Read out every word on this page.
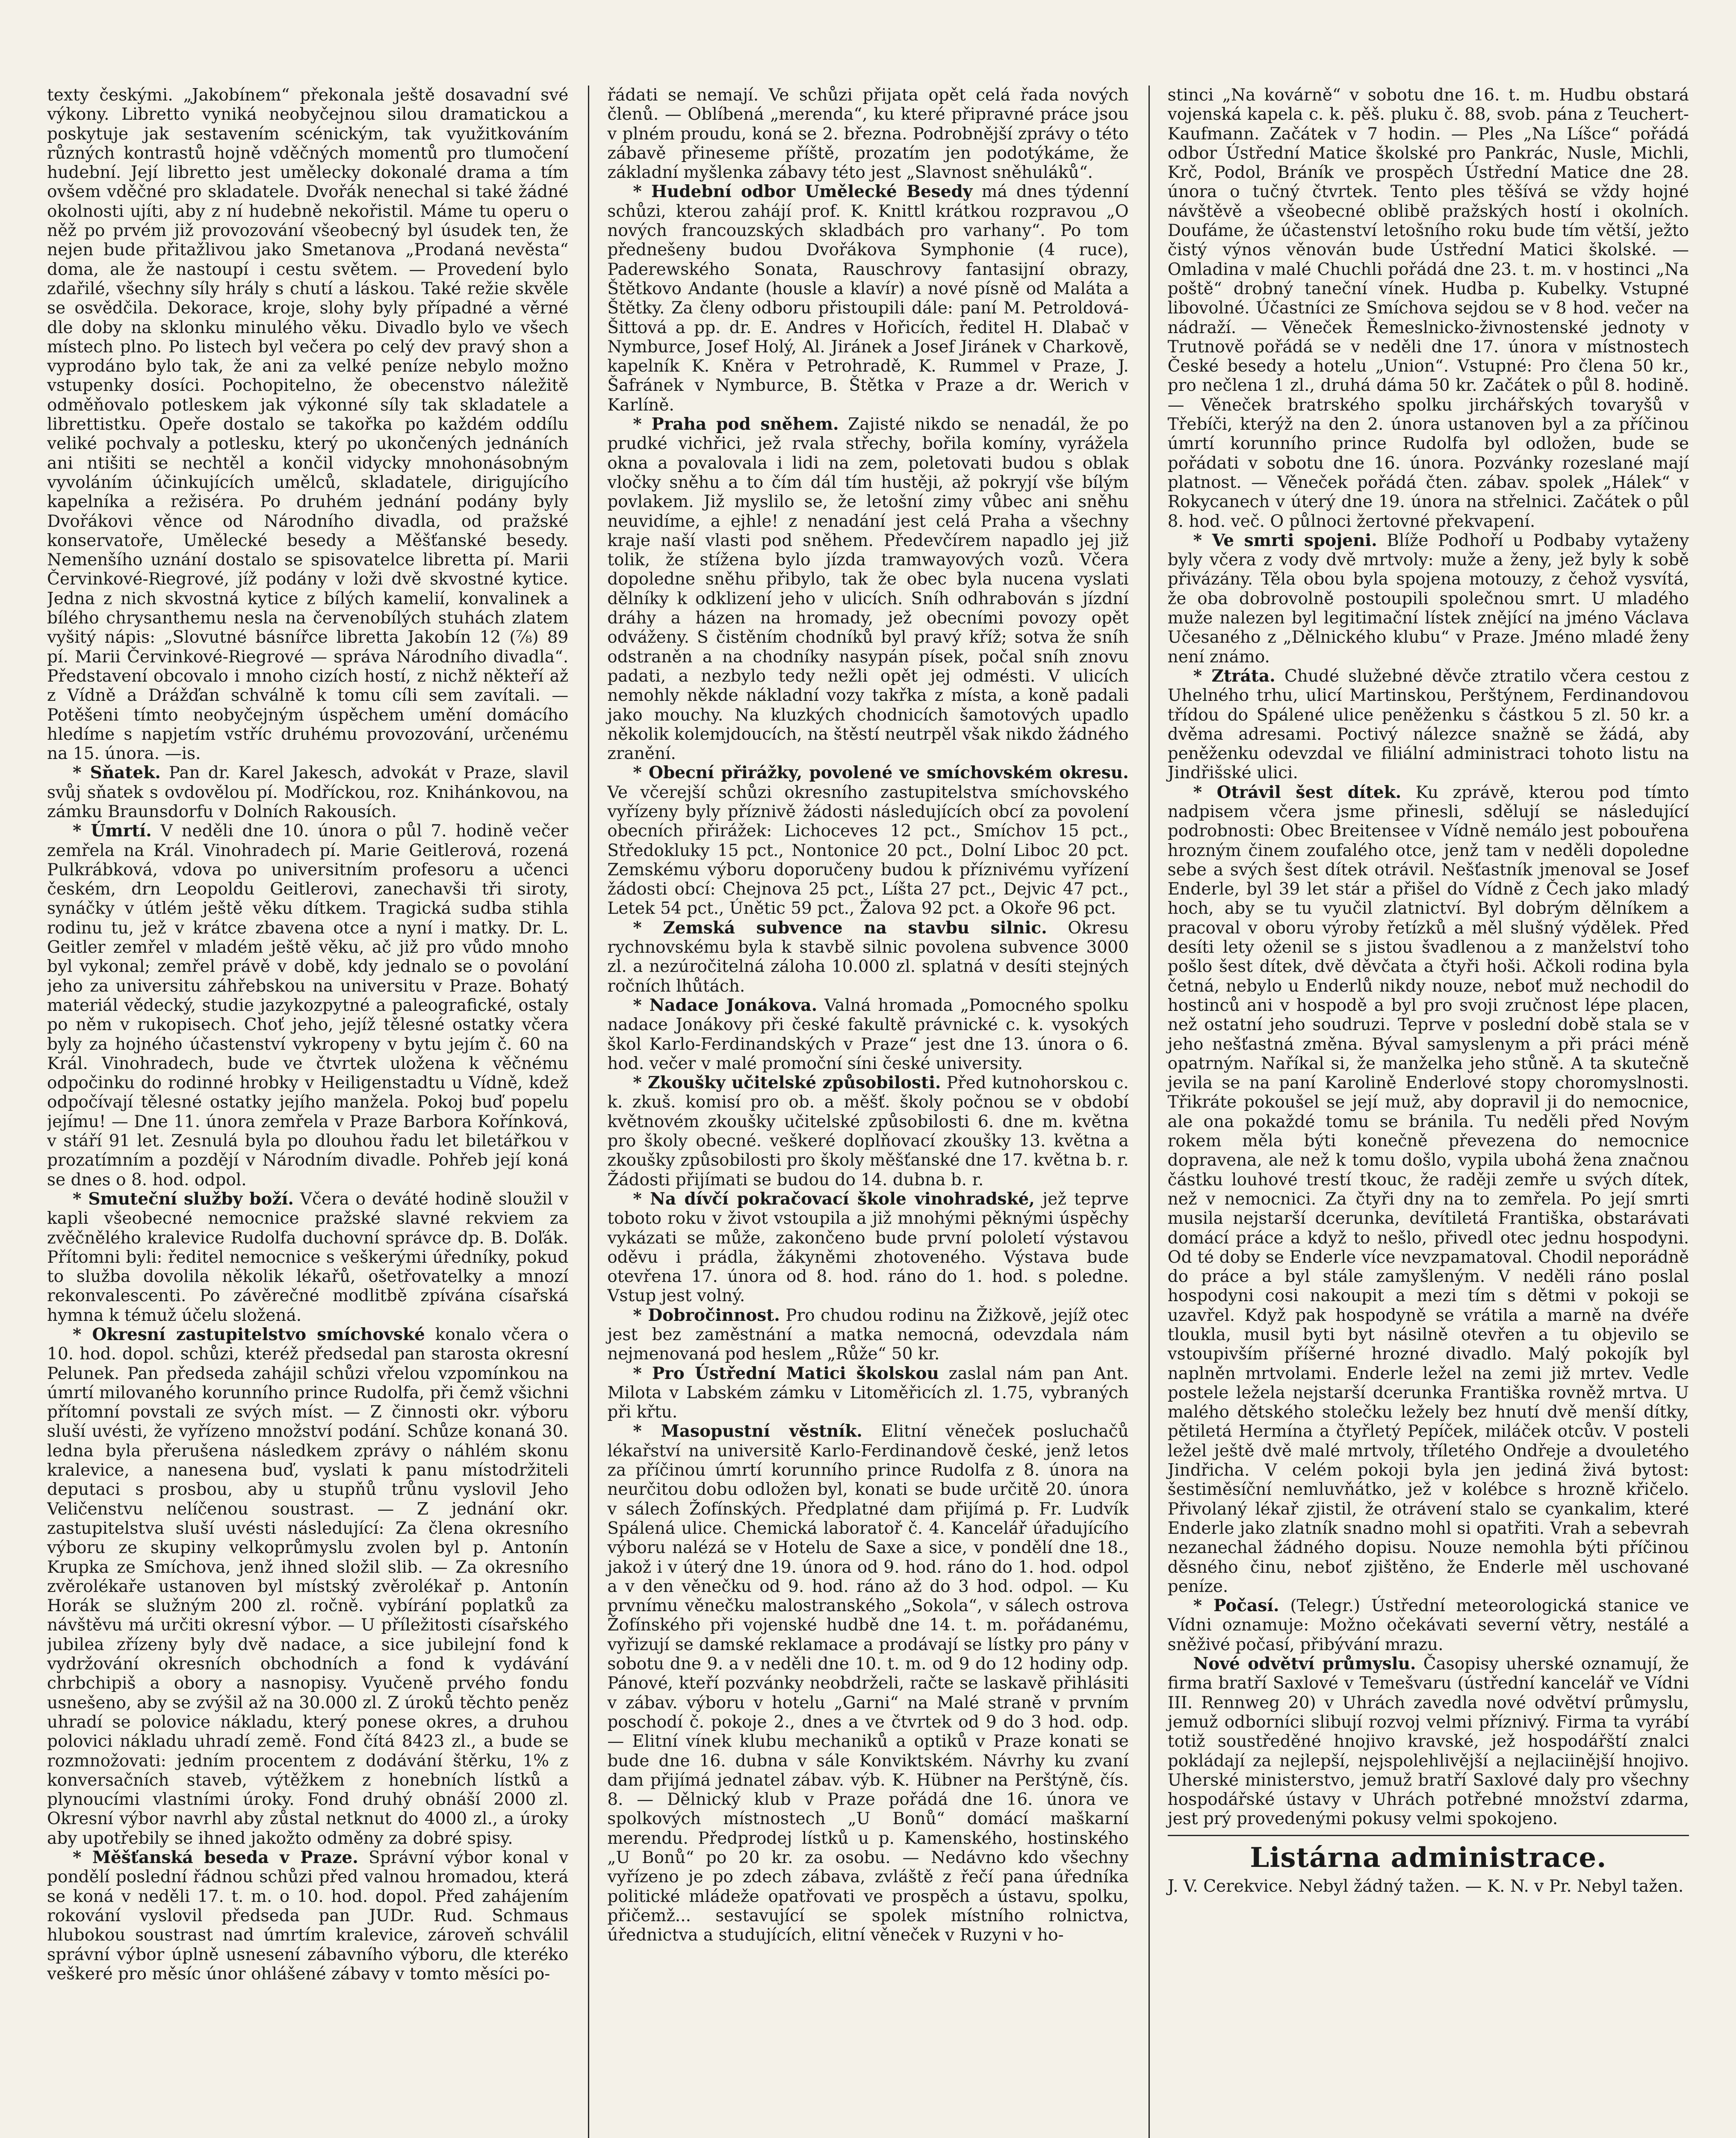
texty českými. „Jakobínem“ překonala ještě dosavadní své výkony. Libretto vyniká neobyčejnou silou dramatickou a poskytuje jak sestavením scénickým, tak využitkováním různých kontrastů hojně vděčných momentů pro tlumočení hudební. Její libretto jest umělecky dokonalé drama a tím ovšem vděčné pro skladatele. Dvořák nenechal si také žádné okolnosti ujíti, aby z ní hudebně nekořistil. Máme tu operu o něž po prvém již provozování všeobecný byl úsudek ten, že nejen bude přitažlivou jako Smetanova „Prodaná nevěsta“ doma, ale že nastoupí i cestu světem. — Provedení bylo zdařilé, všechny síly hrály s chutí a láskou. Také režie skvěle se osvědčila. Dekorace, kroje, slohy byly případné a věrné dle doby na sklonku minulého věku. Divadlo bylo ve všech místech plno. Po listech byl večera po celý dev pravý shon a vyprodáno bylo tak, že ani za velké peníze nebylo možno vstupenky dosíci. Pochopitelno, že obecenstvo náležitě odměňovalo potleskem jak výkonné síly tak skladatele a librettistku. Opeře dostalo se takořka po každém oddílu veliké pochvaly a potlesku, který po ukončených jednáních ani ntišiti se nechtěl a končil vidycky mnohonásobným vyvoláním účinkujících umělců, skladatele, dirigujícího kapelníka a režiséra. Po druhém jednání podány byly Dvořákovi věnce od Národního divadla, od pražské konservatoře, Umělecké besedy a Měšťanské besedy. Nemenšího uznání dostalo se spisovatelce libretta pí. Marii Červinkové-Riegrové, jíž podány v loži dvě skvostné kytice. Jedna z nich skvostná kytice z bílých kamelií, konvalinek a bílého chrysanthemu nesla na červenobílých stuhách zlatem vyšitý nápis: „Slovutné básnířce libretta Jakobín 12 (⅞) 89 pí. Marii Červinkové-Riegrové — správa Národního divadla“. Představení obcovalo i mnoho cizích hostí, z nichž někteří až z Vídně a Drážďan schválně k tomu cíli sem zavítali. — Potěšeni tímto neobyčejným úspěchem umění domácího hledíme s napjetím vstříc druhému provozování, určenému na 15. února. —is.

* Sňatek. Pan dr. Karel Jakesch, advokát v Praze, slavil svůj sňatek s ovdovělou pí. Modříckou, roz. Knihánkovou, na zámku Braunsdorfu v Dolních Rakousích.

* Úmrtí. V neděli dne 10. února o půl 7. hodině večer zemřela na Král. Vinohradech pí. Marie Geitlerová, rozená Pulkrábková, vdova po universitním profesoru a učenci českém, drn Leopoldu Geitlerovi, zanechavši tři siroty, synáčky v útlém ještě věku dítkem. Tragická sudba stihla rodinu tu, jež v krátce zbavena otce a nyní i matky. Dr. L. Geitler zemřel v mladém ještě věku, ač již pro vůdo mnoho byl vykonal; zemřel právě v době, kdy jednalo se o povolání jeho za universitu záhřebskou na universitu v Praze. Bohatý materiál vědecký, studie jazykozpytné a paleografické, ostaly po něm v rukopisech. Choť jeho, jejíž tělesné ostatky včera byly za hojného účastenství vykropeny v bytu jejím č. 60 na Král. Vinohradech, bude ve čtvrtek uložena k věčnému odpočinku do rodinné hrobky v Heiligenstadtu u Vídně, kdež odpočívají tělesné ostatky jejího manžela. Pokoj buď popelu jejímu! — Dne 11. února zemřela v Praze Barbora Kořínková, v stáří 91 let. Zesnulá byla po dlouhou řadu let biletářkou v prozatímním a pozdějí v Národním divadle. Pohřeb její koná se dnes o 8. hod. odpol.

* Smuteční služby boží. Včera o deváté hodině sloužil v kapli všeobecné nemocnice pražské slavné rekviem za zvěčnělého kralevice Rudolfa duchovní správce dp. B. Doľák. Přítomni byli: ředitel nemocnice s veškerými úředníky, pokud to služba dovolila několik lékařů, ošetřovatelky a mnozí rekonvalescenti. Po závěrečné modlitbě zpívána císařská hymna k témuž účelu složená.

* Okresní zastupitelstvo smíchovské konalo včera o 10. hod. dopol. schůzi, kteréž předsedal pan starosta okresní Pelunek. Pan předseda zahájil schůzi vřelou vzpomínkou na úmrtí milovaného korunního prince Rudolfa, při čemž všichni přítomní povstali ze svých míst. — Z činnosti okr. výboru sluší uvésti, že vyřízeno množství podání. Schůze konaná 30. ledna byla přerušena následkem zprávy o náhlém skonu kralevice, a nanesena buď, vyslati k panu místodržiteli deputaci s prosbou, aby u stupňů trůnu vyslovil Jeho Veličenstvu nelíčenou soustrast. — Z jednání okr. zastupitelstva sluší uvésti následující: Za člena okresního výboru ze skupiny velkoprůmyslu zvolen byl p. Antonín Krupka ze Smíchova, jenž ihned složil slib. — Za okresního zvěrolékaře ustanoven byl místský zvěrolékař p. Antonín Horák se služným 200 zl. ročně. vybírání poplatků za návštěvu má určiti okresní výbor. — U příležitosti císařského jubilea zřízeny byly dvě nadace, a sice jubilejní fond k vydržování okresních obchodních a fond k vydávání chrbchipiš a obory a nasnopisy. Vyučeně prvého fondu usnešeno, aby se zvýšil až na 30.000 zl. Z úroků těchto peněz uhradí se polovice nákladu, který ponese okres, a druhou polovici nákladu uhradí země. Fond čítá 8423 zl., a bude se rozmnožovati: jedním procentem z dodávání štěrku, 1% z konversačních staveb, výtěžkem z honebních lístků a plynoucími vlastními úroky. Fond druhý obnáší 2000 zl. Okresní výbor navrhl aby zůstal netknut do 4000 zl., a úroky aby upotřebily se ihned jakožto odměny za dobré spisy.

* Měšťanská beseda v Praze. Správní výbor konal v pondělí poslední řádnou schůzi před valnou hromadou, která se koná v neděli 17. t. m. o 10. hod. dopol. Před zahájením rokování vyslovil předseda pan JUDr. Rud. Schmaus hlubokou soustrast nad úmrtím kralevice, zároveň schválil správní výbor úplně usnesení zábavního výboru, dle kteréko veškeré pro měsíc únor ohlášené zábavy v tomto měsíci po-

řádati se nemají. Ve schůzi přijata opět celá řada nových členů. — Oblíbená „merenda“, ku které připravné práce jsou v plném proudu, koná se 2. března. Podrobnější zprávy o této zábavě přineseme příště, prozatím jen podotýkáme, že základní myšlenka zábavy této jest „Slavnost sněhuláků“.

* Hudební odbor Umělecké Besedy má dnes týdenní schůzi, kterou zahájí prof. K. Knittl krátkou rozpravou „O nových francouzských skladbách pro varhany“. Po tom přednešeny budou Dvořákova Symphonie (4 ruce), Paderewského Sonata, Rauschrovy fantasijní obrazy, Štětkovo Andante (housle a klavír) a nové písně od Maláta a Štětky. Za členy odboru přistoupili dále: paní M. Petroldová-Šittová a pp. dr. E. Andres v Hořicích, ředitel H. Dlabač v Nymburce, Josef Holý, Al. Jiránek a Josef Jiránek v Charkově, kapelník K. Kněra v Petrohradě, K. Rummel v Praze, J. Šafránek v Nymburce, B. Štětka v Praze a dr. Werich v Karlíně.

* Praha pod sněhem. Zajisté nikdo se nenadál, že po prudké vichřici, jež rvala střechy, bořila komíny, vyrážela okna a povalovala i lidi na zem, poletovati budou s oblak vločky sněhu a to čím dál tím hustěji, až pokryjí vše bílým povlakem. Již myslilo se, že letošní zimy vůbec ani sněhu neuvidíme, a ejhle! z nenadání jest celá Praha a všechny kraje naší vlasti pod sněhem. Předevčírem napadlo jej již tolik, že stížena bylo jízda tramwayových vozů. Včera dopoledne sněhu přibylo, tak že obec byla nucena vyslati dělníky k odklizení jeho v ulicích. Sníh odhrabován s jízdní dráhy a házen na hromady, jež obecními povozy opět odváženy. S čistěním chodníků byl pravý kříž; sotva že sníh odstraněn a na chodníky nasypán písek, počal sníh znovu padati, a nezbylo tedy nežli opět jej odmésti. V ulicích nemohly někde nákladní vozy takřka z místa, a koně padali jako mouchy. Na kluzkých chodnicích šamotových upadlo několik kolemjdoucích, na štěstí neutrpěl však nikdo žádného zranění.

* Obecní přirážky, povolené ve smíchovském okresu. Ve včerejší schůzi okresního zastupitelstva smíchovského vyřízeny byly příznivě žádosti následujících obcí za povolení obecních přirážek: Lichoceves 12 pct., Smíchov 15 pct., Středokluky 15 pct., Nontonice 20 pct., Dolní Liboc 20 pct. Zemskému výboru doporučeny budou k příznivému vyřízení žádosti obcí: Chejnova 25 pct., Líšta 27 pct., Dejvic 47 pct., Letek 54 pct., Únětic 59 pct., Žalova 92 pct. a Okoře 96 pct.

* Zemská subvence na stavbu silnic. Okresu rychnovskému byla k stavbě silnic povolena subvence 3000 zl. a nezúročitelná záloha 10.000 zl. splatná v desíti stejných ročních lhůtách.

* Nadace Jonákova. Valná hromada „Pomocného spolku nadace Jonákovy při české fakultě právnické c. k. vysokých škol Karlo-Ferdinandských v Praze“ jest dne 13. února o 6. hod. večer v malé promoční síni české university.

* Zkoušky učitelské způsobilosti. Před kutnohorskou c. k. zkuš. komisí pro ob. a měšť. školy počnou se v období květnovém zkoušky učitelské způsobilosti 6. dne m. května pro školy obecné. veškeré doplňovací zkoušky 13. května a zkoušky způsobilosti pro školy měšťanské dne 17. května b. r. Žádosti přijímati se budou do 14. dubna b. r.

* Na dívčí pokračovací škole vinohradské, jež teprve toboto roku v život vstoupila a již mnohými pěknými úspěchy vykázati se může, zakončeno bude první pololetí výstavou oděvu i prádla, žákyněmi zhotoveného. Výstava bude otevřena 17. února od 8. hod. ráno do 1. hod. s poledne. Vstup jest volný.

* Dobročinnost. Pro chudou rodinu na Žižkově, jejíž otec jest bez zaměstnání a matka nemocná, odevzdala nám nejmenovaná pod heslem „Růže“ 50 kr.

* Pro Ústřední Matici školskou zaslal nám pan Ant. Milota v Labském zámku v Litoměřicích zl. 1.75, vybraných při kř‍tu.

* Masopustní věstník. Elitní věneček posluchačů lékařství na universitě Karlo-Ferdinandově české, jenž letos za příčinou úmrtí korunního prince Rudolfa z 8. února na neurčitou dobu odložen byl, konati se bude určitě 20. února v sálech Žofínských. Předplatné dam přijímá p. Fr. Ludvík Spálená ulice. Chemická laboratoř č. 4. Kancelář úřadujícího výboru nalézá se v Hotelu de Saxe a sice, v pondělí dne 18., jakož i v úterý dne 19. února od 9. hod. ráno do 1. hod. odpol a v den věnečku od 9. hod. ráno až do 3 hod. odpol. — Ku prvnímu věnečku malostranského „Sokola“, v sálech ostrova Žofínského při vojenské hudbě dne 14. t. m. pořádanému, vyřizují se damské reklamace a prodávají se lístky pro pány v sobotu dne 9. a v neděli dne 10. t. m. od 9 do 12 hodiny odp. Pánové, kteří pozvánky neobdrželi, račte se laskavě přihlásiti v zábav. výboru v hotelu „Garni“ na Malé straně v prvním poschodí č. pokoje 2., dnes a ve čtvrtek od 9 do 3 hod. odp. — Elitní vínek klubu mechaniků a optiků v Praze konati se bude dne 16. dubna v sále Konviktském. Návrhy ku zvaní dam přijímá jednatel zábav. výb. K. Hübner na Perštýně, čís. 8. — Dělnický klub v Praze pořádá dne 16. února ve spolkových místnostech „U Bonů“ domácí maškarní merendu. Předprodej lístků u p. Kamenského, hostinského „U Bonů“ po 20 kr. za osobu. — Nedávno kdo všechny vyřízeno je po zdech zábava, zvláště z řečí pana úředníka politické mládeže opatřovati ve prospěch a ústavu, spolku, přičemž... sestavující se spolek místního rolnictva, úřednictva a studujících, elitní věneček v Ruzyni v ho-

stinci „Na kovárně“ v sobotu dne 16. t. m. Hudbu obstará vojenská kapela c. k. pěš. pluku č. 88, svob. pána z Teuchert-Kaufmann. Začátek v 7 hodin. — Ples „Na Líšce“ pořádá odbor Ústřední Matice školské pro Pankrác, Nusle, Michli, Krč, Podol, Bráník ve prospěch Ústřední Matice dne 28. února o tučný čtvrtek. Tento ples těšívá se vždy hojné návštěvě a všeobecné oblibě pražských hostí i okolních. Doufáme, že účastenství letošního roku bude tím větší, ježto čistý výnos věnován bude Ústřední Matici školské. — Omladina v malé Chuchli pořádá dne 23. t. m. v hostinci „Na poště“ drobný taneční vínek. Hudba p. Kubelky. Vstupné libovolné. Účastníci ze Smíchova sejdou se v 8 hod. večer na nádraží. — Věneček Řemeslnicko-živnostenské jednoty v Trutnově pořádá se v neděli dne 17. února v místnostech České besedy a hotelu „Union“. Vstupné: Pro člena 50 kr., pro nečlena 1 zl., druhá dáma 50 kr. Začátek o půl 8. hodině. — Věneček bratrského spolku jirchářských tovaryšů v Třebíči, kterýž na den 2. února ustanoven byl a za příčinou úmrtí korunního prince Rudolfa byl odložen, bude se pořádati v sobotu dne 16. února. Pozvánky rozeslané mají platnost. — Věneček pořádá čten. zábav. spolek „Hálek“ v Rokycanech v úterý dne 19. února na střelnici. Začátek o půl 8. hod. več. O půlnoci žertovné překvapení.

* Ve smrti spojeni. Blíže Podhoří u Podbaby vytaženy byly včera z vody dvě mrtvoly: muže a ženy, jež byly k sobě přivázány. Těla obou byla spojena motouzy, z čehož vysvítá, že oba dobrovolně postoupili společnou smrt. U mladého muže nalezen byl legitimační lístek znějící na jméno Václava Učesaného z „Dělnického klubu“ v Praze. Jméno mladé ženy není známo.

* Ztráta. Chudé služebné děvče ztratilo včera cestou z Uhelného trhu, ulicí Martinskou, Perštýnem, Ferdinandovou třídou do Spálené ulice peněženku s částkou 5 zl. 50 kr. a dvěma adresami. Poctivý nálezce snažně se žádá, aby peněženku odevzdal ve filiální administraci tohoto listu na Jindřišské ulici.

* Otrávil šest dítek. Ku zprávě, kterou pod tímto nadpisem včera jsme přinesli, sdělují se následující podrobnosti: Obec Breitensee v Vídně nemálo jest pobouřena hrozným činem zoufalého otce, jenž tam v neděli dopoledne sebe a svých šest dítek otrávil. Nešťastník jmenoval se Josef Enderle, byl 39 let stár a přišel do Vídně z Čech jako mladý hoch, aby se tu vyučil zlatnictví. Byl dobrým dělníkem a pracoval v oboru výroby řetízků a měl slušný výdělek. Před desíti lety oženil se s jistou švadlenou a z manželství toho pošlo šest dítek, dvě děvčata a čtyři hoši. Ačkoli rodina byla četná, nebylo u Enderlů nikdy nouze, neboť muž nechodil do hostinců ani v hospodě a byl pro svoji zručnost lépe placen, než ostatní jeho soudruzi. Teprve v poslední době stala se v jeho nešťastná změna. Býval samyslenym a při práci méně opatrným. Naříkal si, že manželka jeho stůně. A ta skutečně jevila se na paní Karolině Enderlové stopy choromyslnosti. Třikráte pokoušel se její muž, aby dopravil ji do nemocnice, ale ona pokaždé tomu se bránila. Tu neděli před Novým rokem měla býti konečně převezena do nemocnice dopravena, ale než k tomu došlo, vypila ubohá žena značnou částku louhové trestí tkouc, že raději zemře u svých dítek, než v nemocnici. Za čtyři dny na to zemřela. Po její smrti musila nejstarší dcerunka, devítiletá Františka, obstarávati domácí práce a když to nešlo, přivedl otec jednu hospodyni. Od té doby se Enderle více nevzpamatoval. Chodil neporádně do práce a byl stále zamyšleným. V neděli ráno poslal hospodyni cosi nakoupit a mezi tím s dětmi v pokoji se uzavřel. Když pak hospodyně se vrátila a marně na dvéře tloukla, musil byti byt násilně otevřen a tu objevilo se vstoupivším příšerné hrozné divadlo. Malý pokojík byl naplněn mrtvolami. Enderle ležel na zemi již mrtev. Vedle postele ležela nejstarší dcerunka Františka rovněž mrtva. U malého dětského stolečku ležely bez hnutí dvě menší dítky, pětiletá Hermína a čtyřletý Pepíček, miláček otcův. V posteli ležel ještě dvě malé mrtvoly, tříletého Ondřeje a dvouletého Jindřicha. V celém pokoji byla jen jediná živá bytost: šestiměsíční nemluvňátko, jež v kolébce s hrozně křičelo. Přivolaný lékař zjistil, že otrávení stalo se cyankalim, které Enderle jako zlatník snadno mohl si opatřiti. Vrah a sebevrah nezanechal žádného dopisu. Nouze nemohla býti příčinou děsného činu, neboť zjištěno, že Enderle měl uschované peníze.

* Počasí. (Telegr.) Ústřední meteorologická stanice ve Vídni oznamuje: Možno očekávati severní větry, nestálé a sněživé počasí, přibývání mrazu.

Nové odvětví průmyslu. Časopisy uherské oznamují, že firma bratří Saxlové v Temešvaru (ústřední kancelář ve Vídni III. Rennweg 20) v Uhrách zavedla nové odvětví průmyslu, jemuž odborníci slibují rozvoj velmi příznivý. Firma ta vyrábí totiž soustředěné hnojivo kravské, jež hospodářští znalci pokládají za nejlepší, nejspolehlivější a nejlaciinější hnojivo. Uherské ministerstvo, jemuž bratří Saxlové daly pro všechny hospodářské ústavy v Uhrách potřebné množství zdarma, jest prý provedenými pokusy velmi spokojeno.

Listárna administrace.

J. V. Cerekvice. Nebyl žádný tažen. — K. N. v Pr. Nebyl tažen.
